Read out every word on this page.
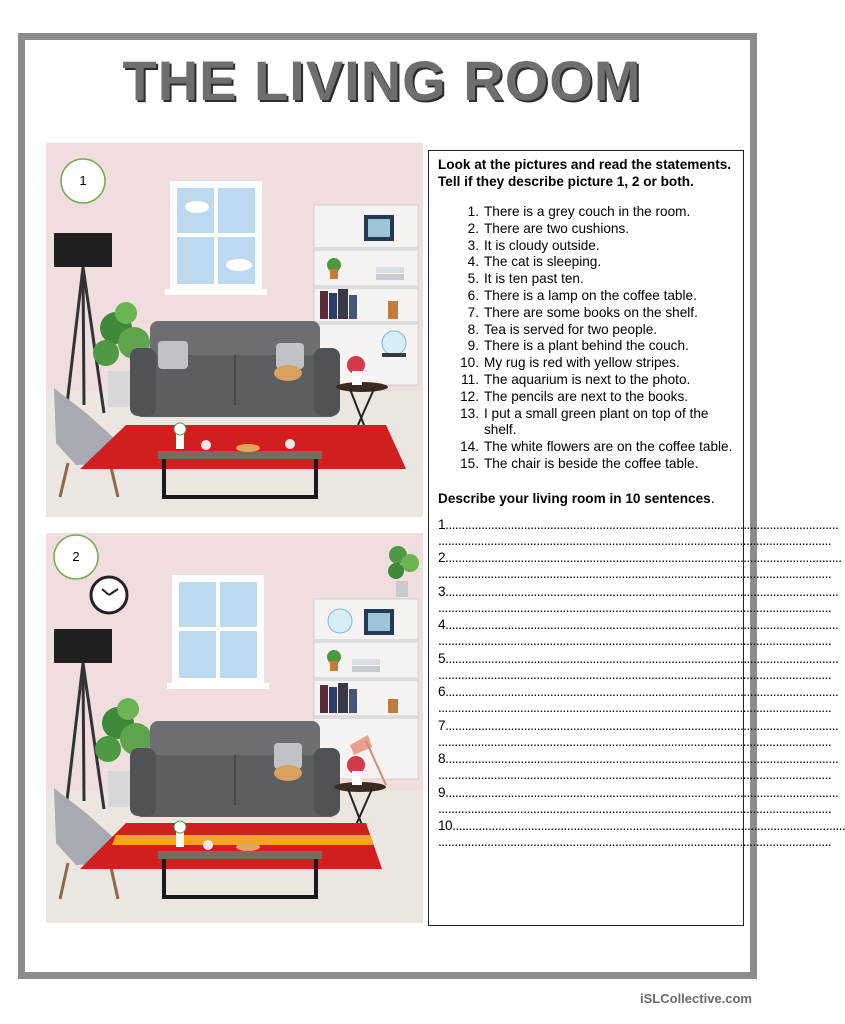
THE LIVING ROOM
1
2

Look at the pictures and read the statements. Tell if they describe picture 1, 2 or both.

1. There is a grey couch in the room.
2. There are two cushions.
3. It is cloudy outside.
4. The cat is sleeping.
5. It is ten past ten.
6. There is a lamp on the coffee table.
7. There are some books on the shelf.
8. Tea is served for two people.
9. There is a plant behind the couch.
10. My rug is red with yellow stripes.
11. The aquarium is next to the photo.
12. The pencils are next to the books.
13. I put a small green plant on top of the shelf.
14. The white flowers are on the coffee table.
15. The chair is beside the coffee table.

Describe your living room in 10 sentences.

1........................................................................................................................
........................................................................................................................
2.........................................................................................................................
........................................................................................................................
3........................................................................................................................
........................................................................................................................
4........................................................................................................................
........................................................................................................................
5........................................................................................................................
........................................................................................................................
6........................................................................................................................
........................................................................................................................
7........................................................................................................................
........................................................................................................................
8........................................................................................................................
........................................................................................................................
9........................................................................................................................
........................................................................................................................
10........................................................................................................................
........................................................................................................................
iSLCollective.com
